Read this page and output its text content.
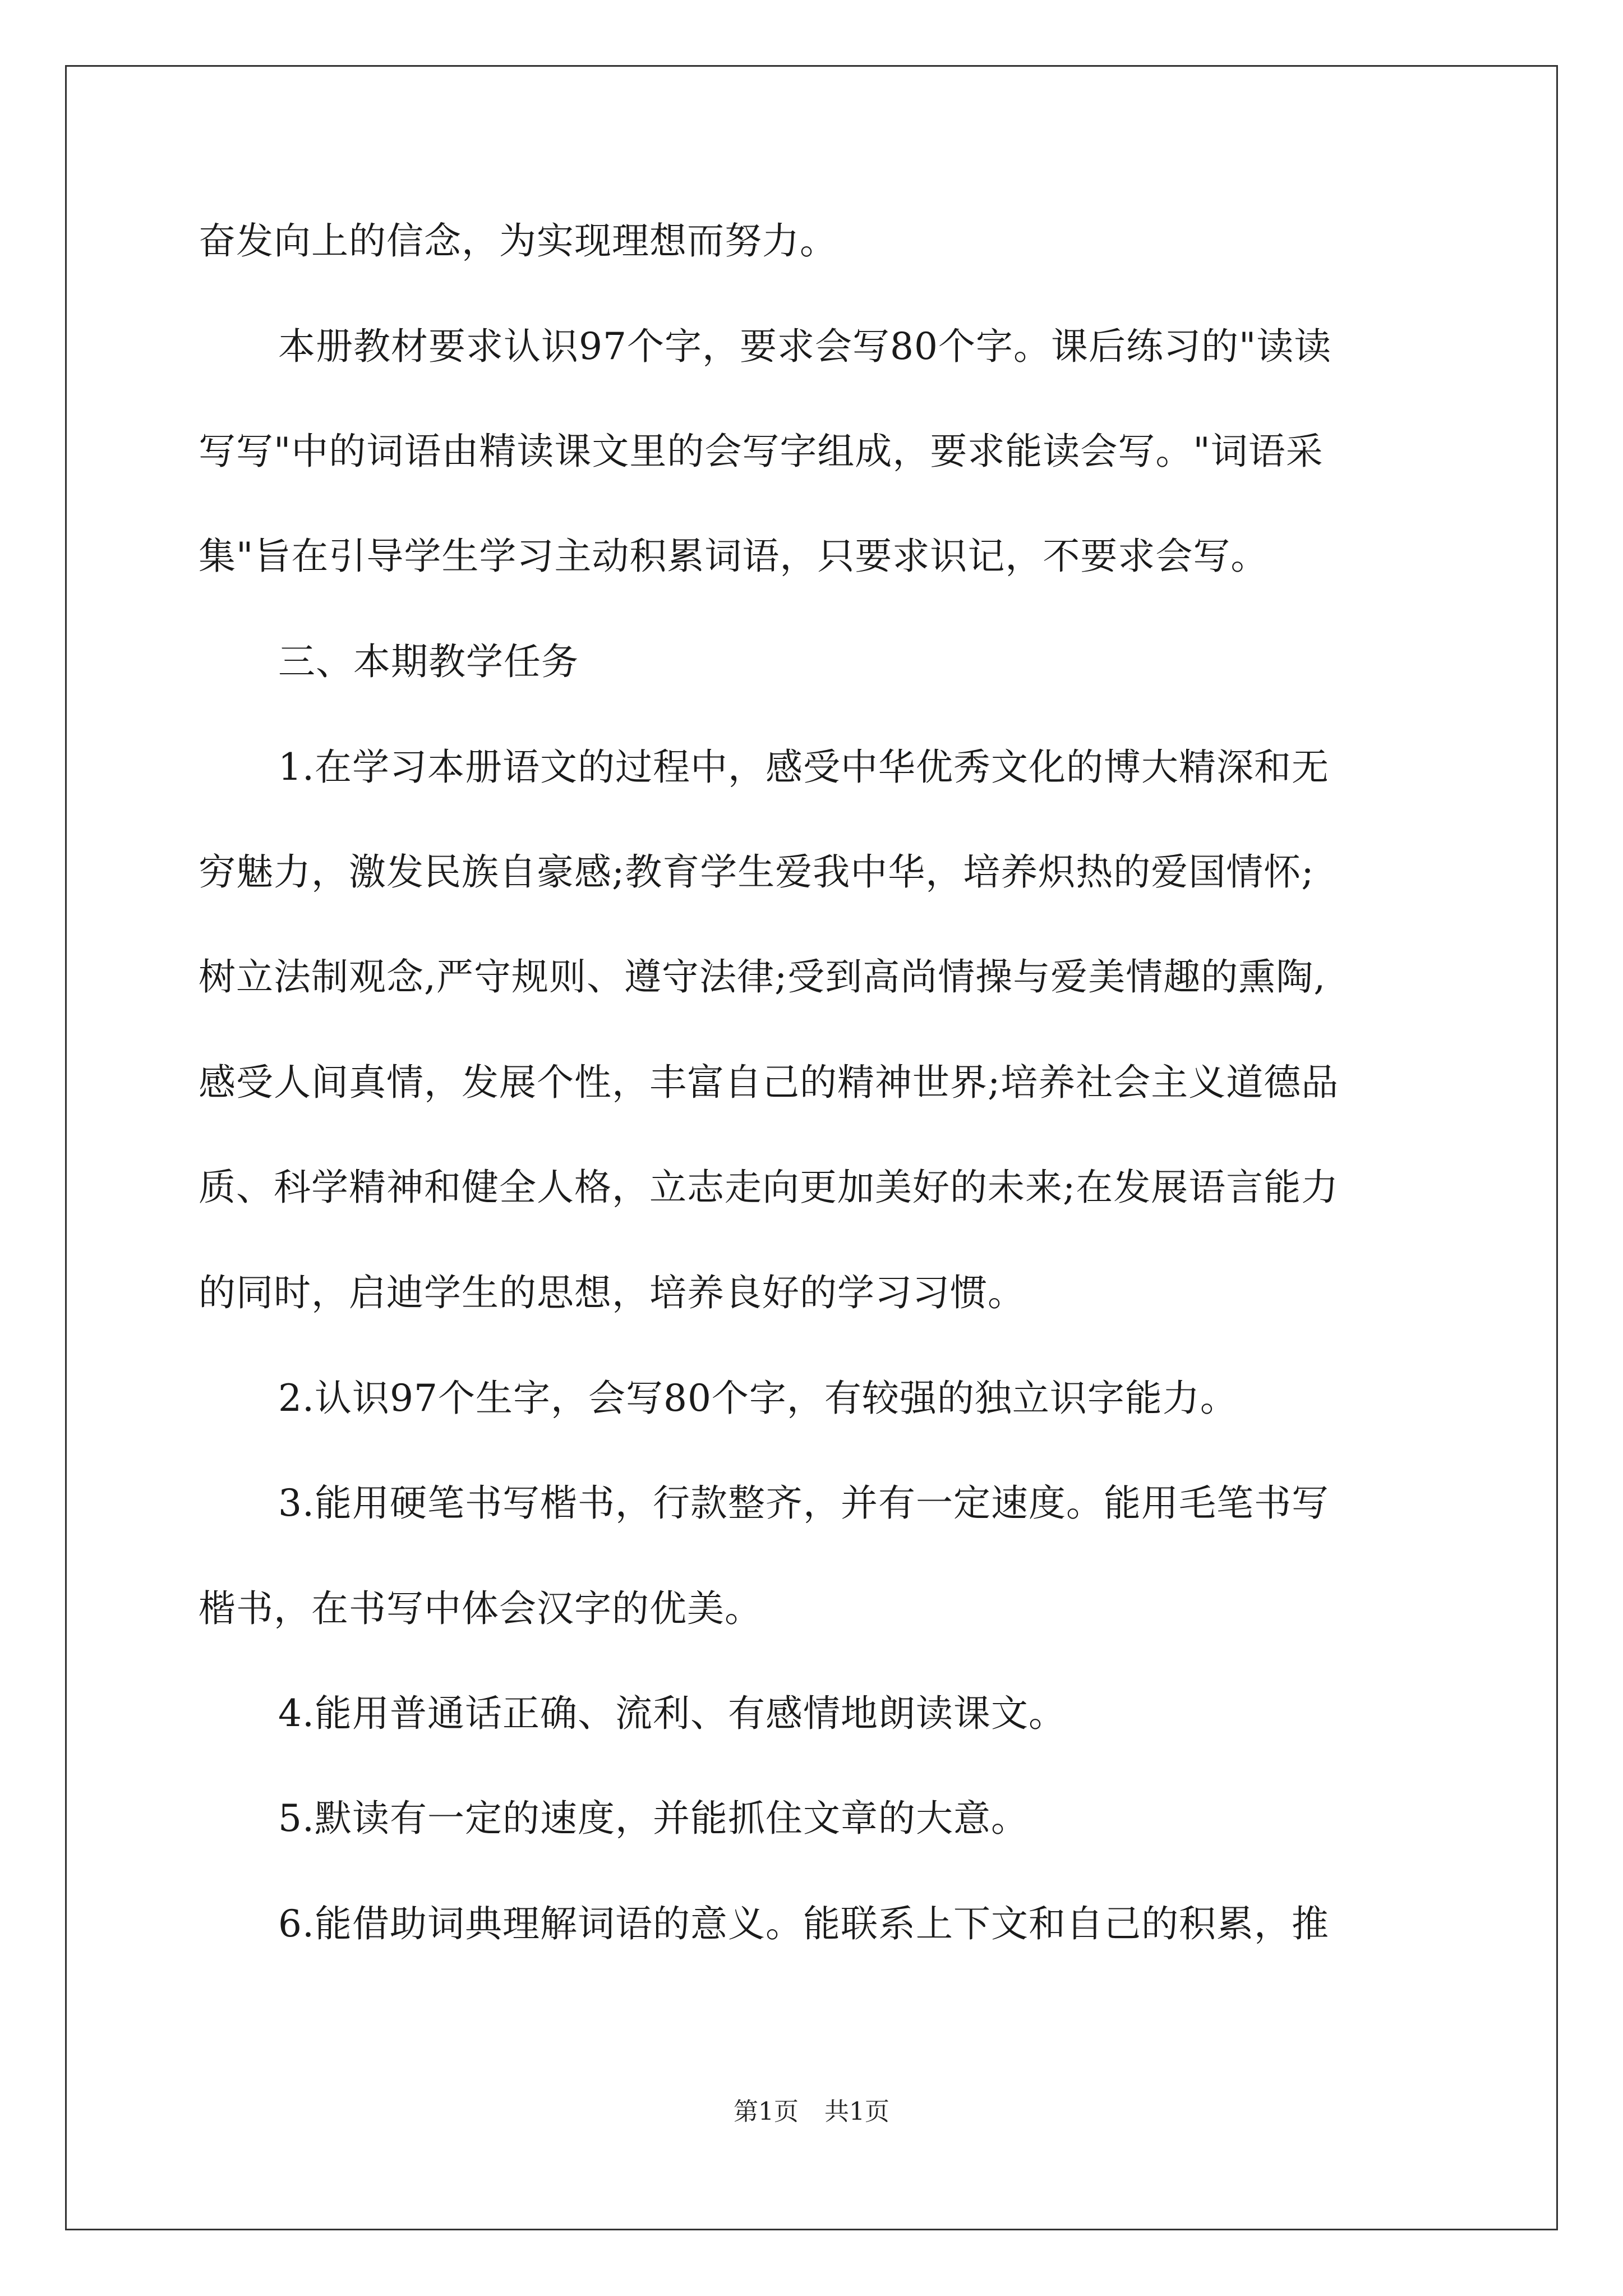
奋发向上的信念，为实现理想而努力。
本册教材要求认识97个字，要求会写80个字。课后练习的"读读
写写"中的词语由精读课文里的会写字组成，要求能读会写。"词语采
集"旨在引导学生学习主动积累词语，只要求识记，不要求会写。
三、本期教学任务
1.在学习本册语文的过程中，感受中华优秀文化的博大精深和无
穷魅力，激发民族自豪感;教育学生爱我中华，培养炽热的爱国情怀;
树立法制观念,严守规则、遵守法律;受到高尚情操与爱美情趣的熏陶,
感受人间真情，发展个性，丰富自己的精神世界;培养社会主义道德品
质、科学精神和健全人格，立志走向更加美好的未来;在发展语言能力
的同时，启迪学生的思想，培养良好的学习习惯。
2.认识97个生字，会写80个字，有较强的独立识字能力。
3.能用硬笔书写楷书，行款整齐，并有一定速度。能用毛笔书写
楷书，在书写中体会汉字的优美。
4.能用普通话正确、流利、有感情地朗读课文。
5.默读有一定的速度，并能抓住文章的大意。
6.能借助词典理解词语的意义。能联系上下文和自己的积累，推
第1页 共1页
